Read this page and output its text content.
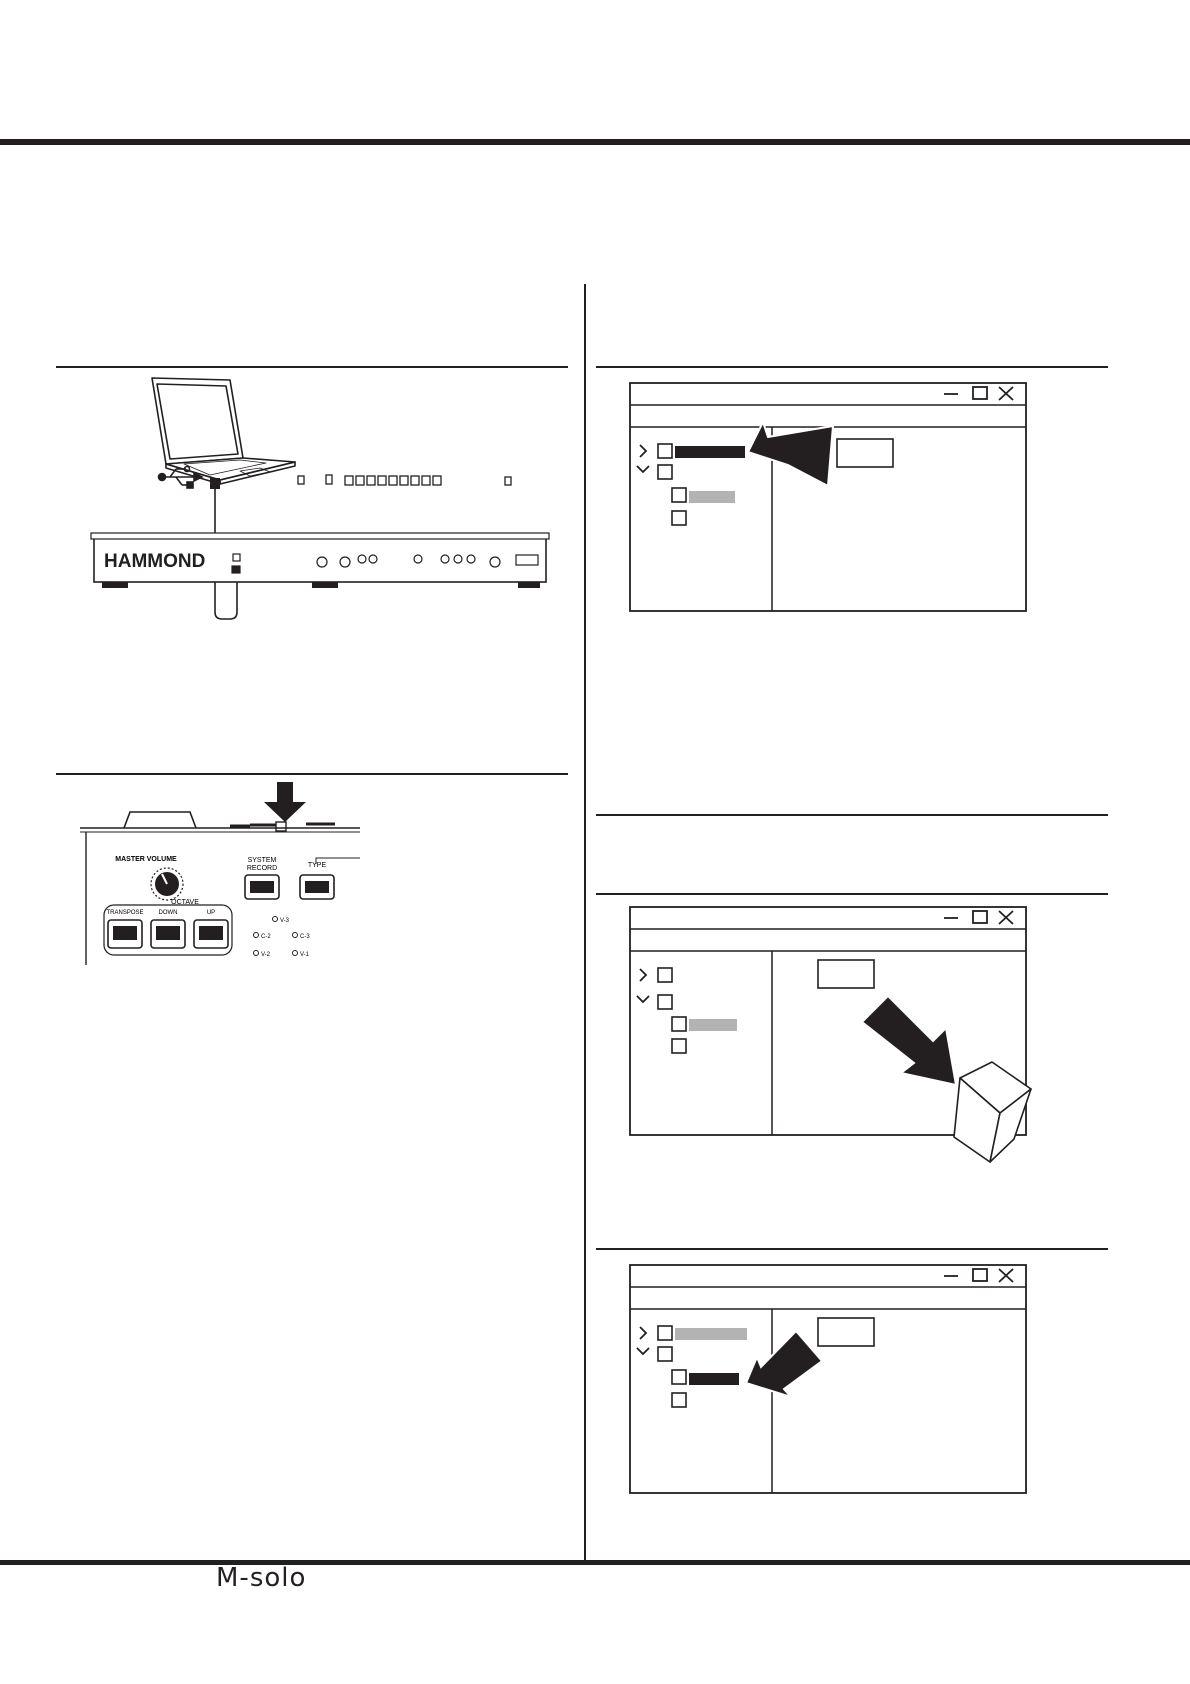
HAMMOND
MASTER VOLUME	SYSTEM
RECORD	TYPE
OCTAVE
TRANSPOSE DOWN	UP
V-3
C-2	C-3
V-2	V-1
M-solo
